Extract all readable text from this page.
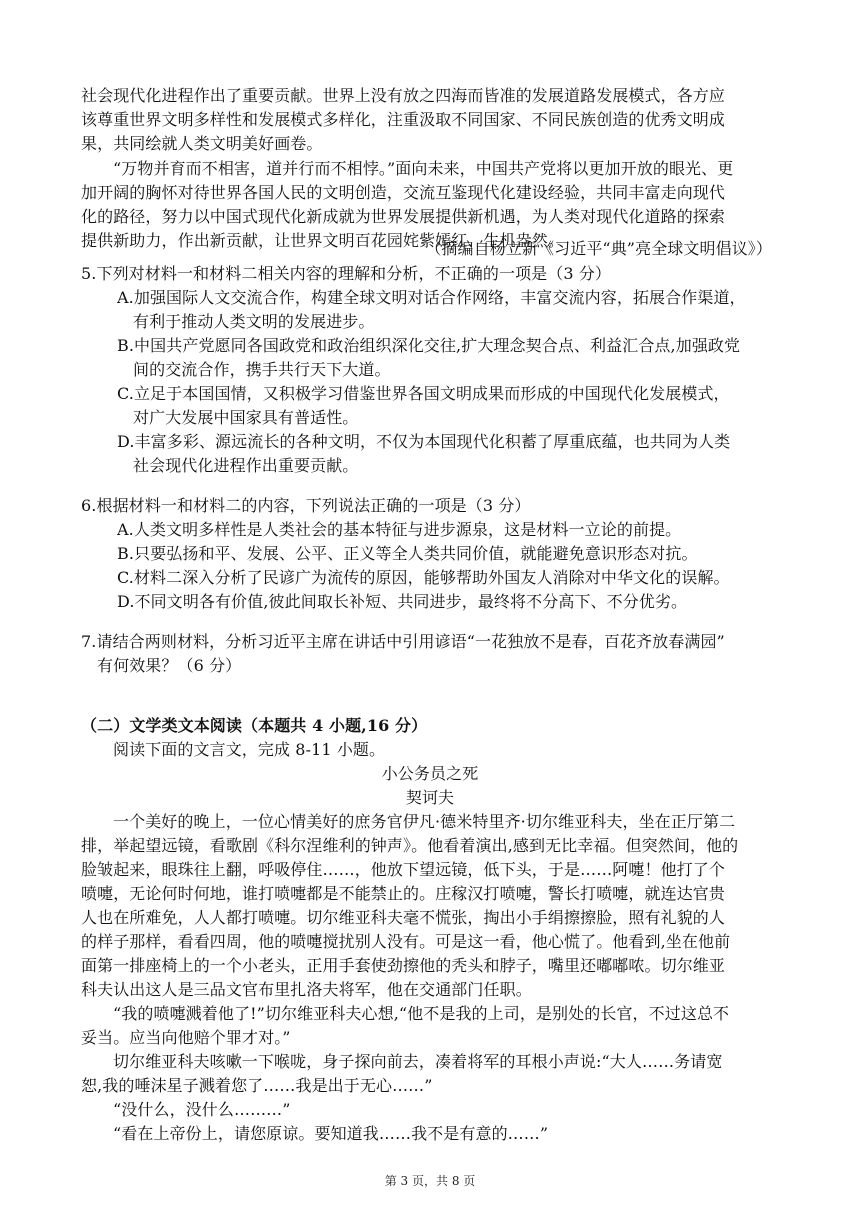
社会现代化进程作出了重要贡献。世界上没有放之四海而皆准的发展道路发展模式，各方应
该尊重世界文明多样性和发展模式多样化，注重汲取不同国家、不同民族创造的优秀文明成
果，共同绘就人类文明美好画卷。
“万物并育而不相害，道并行而不相悖。”面向未来，中国共产党将以更加开放的眼光、更
加开阔的胸怀对待世界各国人民的文明创造，交流互鉴现代化建设经验，共同丰富走向现代
化的路径，努力以中国式现代化新成就为世界发展提供新机遇，为人类对现代化道路的探索
提供新助力，作出新贡献，让世界文明百花园姹紫嫣红、生机盎然。
（摘编自杨立新《习近平“典”亮全球文明倡议》）
5.下列对材料一和材料二相关内容的理解和分析，不正确的一项是（3 分）
A.加强国际人文交流合作，构建全球文明对话合作网络，丰富交流内容，拓展合作渠道，
有利于推动人类文明的发展进步。
B.中国共产党愿同各国政党和政治组织深化交往,扩大理念契合点、利益汇合点,加强政党
间的交流合作，携手共行天下大道。
C.立足于本国国情，又积极学习借鉴世界各国文明成果而形成的中国现代化发展模式，
对广大发展中国家具有普适性。
D.丰富多彩、源远流长的各种文明，不仅为本国现代化积蓄了厚重底蕴，也共同为人类
社会现代化进程作出重要贡献。
6.根据材料一和材料二的内容，下列说法正确的一项是（3 分）
A.人类文明多样性是人类社会的基本特征与进步源泉，这是材料一立论的前提。
B.只要弘扬和平、发展、公平、正义等全人类共同价值，就能避免意识形态对抗。
C.材料二深入分析了民谚广为流传的原因，能够帮助外国友人消除对中华文化的误解。
D.不同文明各有价值,彼此间取长补短、共同进步，最终将不分高下、不分优劣。
7.请结合两则材料，分析习近平主席在讲话中引用谚语“一花独放不是春，百花齐放春满园”
有何效果？（6 分）
（二）文学类文本阅读（本题共 4 小题,16 分）
阅读下面的文言文，完成 8-11 小题。
小公务员之死
契诃夫
一个美好的晚上，一位心情美好的庶务官伊凡·德米特里齐·切尔维亚科夫，坐在正厅第二
排，举起望远镜，看歌剧《科尔涅维利的钟声》。他看着演出,感到无比幸福。但突然间，他的
脸皱起来，眼珠往上翻，呼吸停住……，他放下望远镜，低下头，于是……阿嚏！他打了个
喷嚏，无论何时何地，谁打喷嚏都是不能禁止的。庄稼汉打喷嚏，警长打喷嚏，就连达官贵
人也在所难免，人人都打喷嚏。切尔维亚科夫毫不慌张，掏出小手绢擦擦脸，照有礼貌的人
的样子那样，看看四周，他的喷嚏搅扰别人没有。可是这一看，他心慌了。他看到,坐在他前
面第一排座椅上的一个小老头，正用手套使劲擦他的秃头和脖子，嘴里还嘟嘟哝。切尔维亚
科夫认出这人是三品文官布里扎洛夫将军，他在交通部门任职。
“我的喷嚏溅着他了!”切尔维亚科夫心想,“他不是我的上司，是别处的长官，不过这总不
妥当。应当向他赔个罪才对。”
切尔维亚科夫咳嗽一下喉咙，身子探向前去，凑着将军的耳根小声说:“大人……务请宽
恕,我的唾沫星子溅着您了……我是出于无心……”
“没什么，没什么………”
“看在上帝份上，请您原谅。要知道我……我不是有意的……”
第 3 页，共 8 页
